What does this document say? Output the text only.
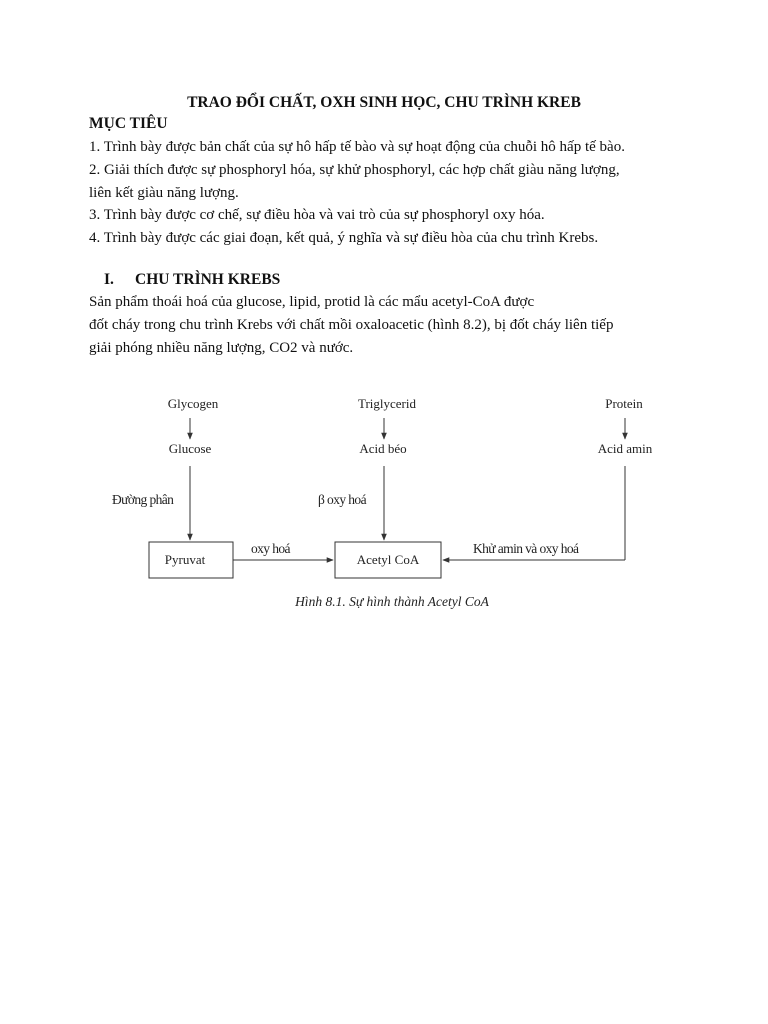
TRAO ĐỔI CHẤT, OXH SINH HỌC, CHU TRÌNH KREB
MỤC TIÊU
1. Trình bày được bản chất của sự hô hấp tế bào và sự hoạt động của chuỗi hô hấp tế bào.
2. Giải thích được sự phosphoryl hóa, sự khử phosphoryl, các hợp chất giàu năng lượng,
liên kết giàu năng lượng.
3. Trình bày được cơ chế, sự điều hòa và vai trò của sự phosphoryl oxy hóa.
4. Trình bày được các giai đoạn, kết quả, ý nghĩa và sự điều hòa của chu trình Krebs.
I. CHU TRÌNH KREBS
Sản phẩm thoái hoá của glucose, lipid, protid là các mẩu acetyl-CoA được
đốt cháy trong chu trình Krebs với chất mồi oxaloacetic (hình 8.2), bị đốt cháy liên tiếp
giải phóng nhiều năng lượng, CO2 và nước.
Glycogen	Triglycerid	Protein
Glucose	Acid béo	Acid amin
Đường phân	β oxy hoá
Pyruvat	Acetyl CoA
oxy hoá	Khử amin và oxy hoá
Hình 8.1. Sự hình thành Acetyl CoA
